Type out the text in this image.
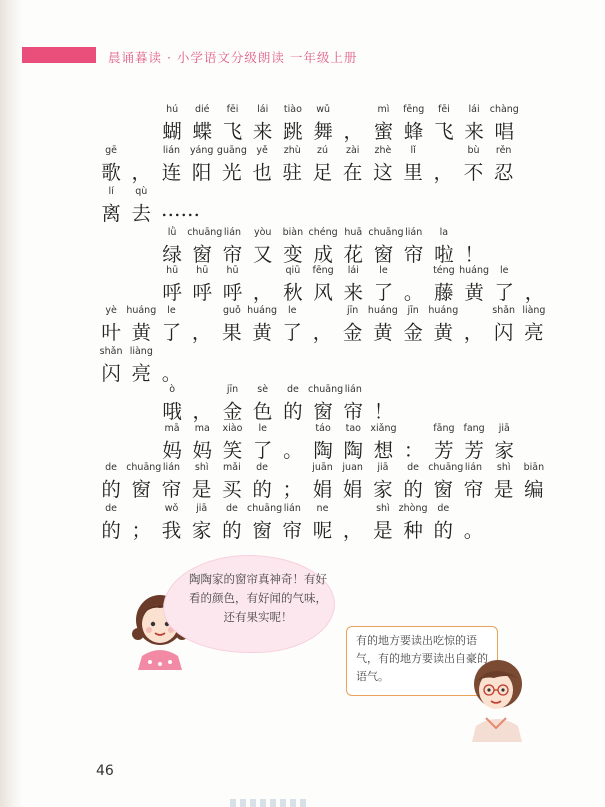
晨诵暮读 · 小学语文分级朗读 一年级上册
hú
蝴
dié
蝶
fēi
飞
lái
来
tiào
跳
wǔ
舞 ，
mì
蜜
fēng
蜂
fēi
飞
lái
来
chàng
唱
gē
歌 ，
lián
连
yáng
阳
guāng
光
yě
也
zhù
驻
zú
足
zài
在
zhè
这
lǐ
里 ，
bù
不
rěn
忍
lí
离
qù
去 ……
lǜ
绿
chuāng
窗
lián
帘
yòu
又
biàn
变
chéng
成
huā
花
chuāng
窗
lián
帘
la
啦 ！
hū
呼
hū
呼
hū
呼 ，
qiū
秋
fēng
风
lái
来
le
了 。
téng
藤
huáng
黄
le
了 ，
yè
叶
huáng
黄
le
了 ，
guǒ
果
huáng
黄
le
了 ，
jīn
金
huáng
黄
jīn
金
huáng
黄 ，
shǎn
闪
liàng
亮
shǎn
闪
liàng
亮 。
ò
哦 ，
jīn
金
sè
色
de
的
chuāng
窗
lián
帘 ！
mā
妈
ma
妈
xiào
笑
le
了 。
táo
陶
tao
陶
xiǎng
想 ：
fāng
芳
fang
芳
jiā
家
de
的
chuāng
窗
lián
帘
shì
是
mǎi
买
de
的 ；
juān
娟
juan
娟
jiā
家
de
的
chuāng
窗
lián
帘
shì
是
biān
编
de
的 ；
wǒ
我
jiā
家
de
的
chuāng
窗
lián
帘
ne
呢 ，
shì
是
zhòng
种
de
的 。
陶陶家的窗帘真神奇！有好看的颜色，有好闻的气味，还有果实呢！
有的地方要读出吃惊的语气，有的地方要读出自豪的语气。
46
